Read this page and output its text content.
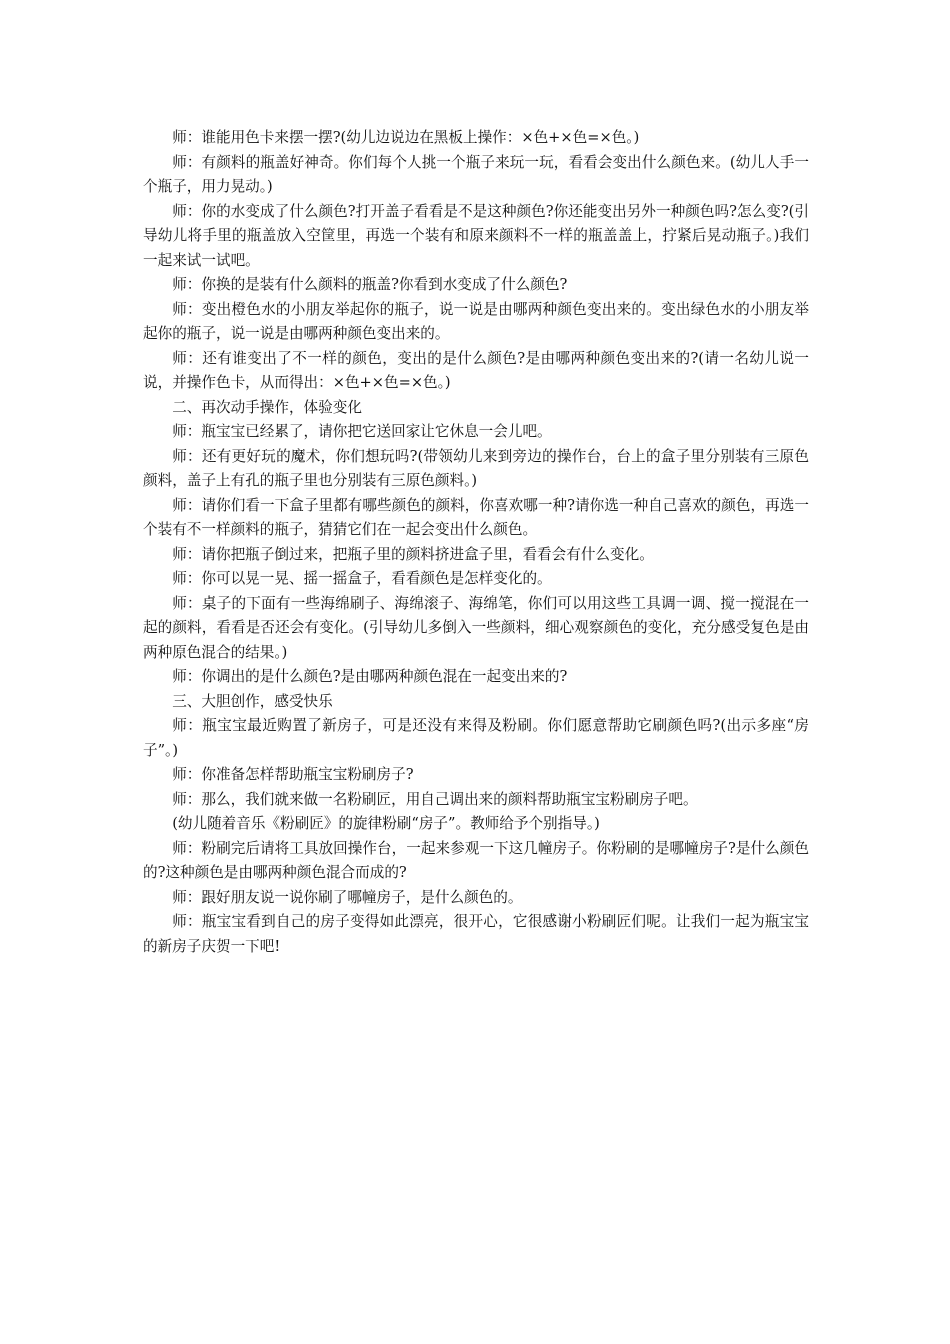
师：谁能用色卡来摆一摆?(幼儿边说边在黑板上操作：×色+×色=×色。)

师：有颜料的瓶盖好神奇。你们每个人挑一个瓶子来玩一玩，看看会变出什么颜色来。(幼儿人手一个瓶子，用力晃动。)

师：你的水变成了什么颜色?打开盖子看看是不是这种颜色?你还能变出另外一种颜色吗?怎么变?(引导幼儿将手里的瓶盖放入空筐里，再选一个装有和原来颜料不一样的瓶盖盖上，拧紧后晃动瓶子。)我们一起来试一试吧。

师：你换的是装有什么颜料的瓶盖?你看到水变成了什么颜色?

师：变出橙色水的小朋友举起你的瓶子，说一说是由哪两种颜色变出来的。变出绿色水的小朋友举起你的瓶子，说一说是由哪两种颜色变出来的。

师：还有谁变出了不一样的颜色，变出的是什么颜色?是由哪两种颜色变出来的?(请一名幼儿说一说，并操作色卡，从而得出：×色+×色=×色。)

二、再次动手操作，体验变化

师：瓶宝宝已经累了，请你把它送回家让它休息一会儿吧。

师：还有更好玩的魔术，你们想玩吗?(带领幼儿来到旁边的操作台，台上的盒子里分别装有三原色颜料，盖子上有孔的瓶子里也分别装有三原色颜料。)

师：请你们看一下盒子里都有哪些颜色的颜料，你喜欢哪一种?请你选一种自己喜欢的颜色，再选一个装有不一样颜料的瓶子，猜猜它们在一起会变出什么颜色。

师：请你把瓶子倒过来，把瓶子里的颜料挤进盒子里，看看会有什么变化。

师：你可以晃一晃、摇一摇盒子，看看颜色是怎样变化的。

师：桌子的下面有一些海绵刷子、海绵滚子、海绵笔，你们可以用这些工具调一调、搅一搅混在一起的颜料，看看是否还会有变化。(引导幼儿多倒入一些颜料，细心观察颜色的变化，充分感受复色是由两种原色混合的结果。)

师：你调出的是什么颜色?是由哪两种颜色混在一起变出来的?

三、大胆创作，感受快乐

师：瓶宝宝最近购置了新房子，可是还没有来得及粉刷。你们愿意帮助它刷颜色吗?(出示多座“房子”。)

师：你准备怎样帮助瓶宝宝粉刷房子?

师：那么，我们就来做一名粉刷匠，用自己调出来的颜料帮助瓶宝宝粉刷房子吧。

(幼儿随着音乐《粉刷匠》的旋律粉刷“房子”。教师给予个别指导。)

师：粉刷完后请将工具放回操作台，一起来参观一下这几幢房子。你粉刷的是哪幢房子?是什么颜色的?这种颜色是由哪两种颜色混合而成的?

师：跟好朋友说一说你刷了哪幢房子，是什么颜色的。

师：瓶宝宝看到自己的房子变得如此漂亮，很开心，它很感谢小粉刷匠们呢。让我们一起为瓶宝宝的新房子庆贺一下吧!
